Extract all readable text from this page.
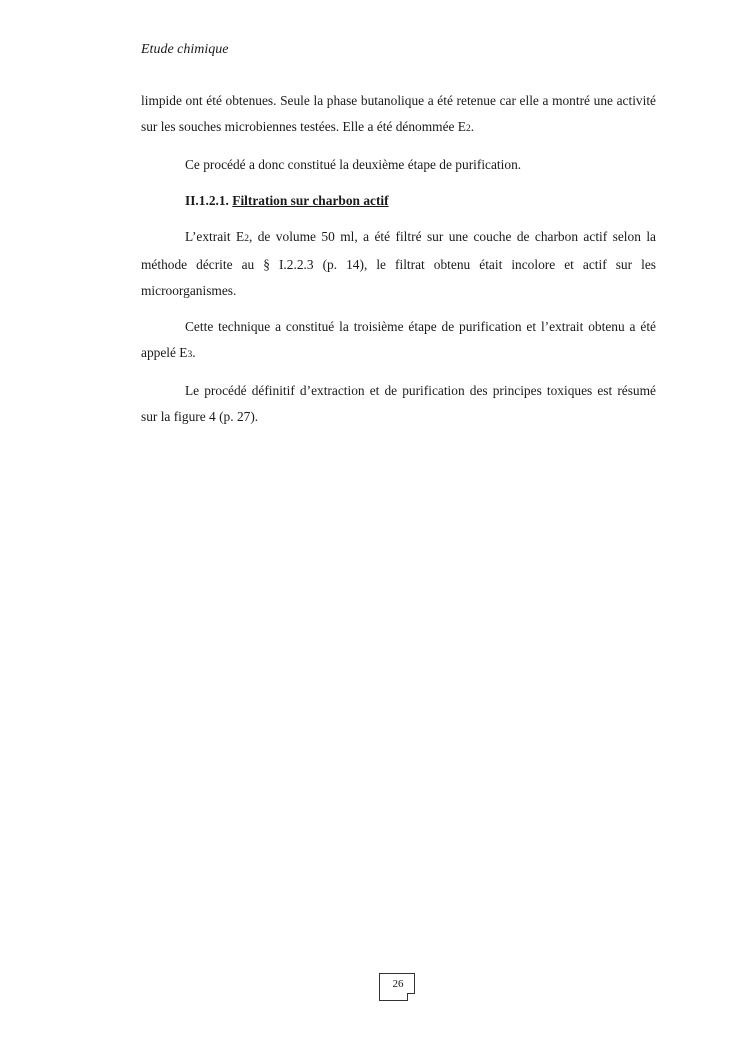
Etude chimique

limpide ont été obtenues. Seule la phase butanolique a été retenue car elle a montré une activité sur les souches microbiennes testées. Elle a été dénommée E2.

Ce procédé a donc constitué la deuxième étape de purification.

II.1.2.1. Filtration sur charbon actif

L’extrait E2, de volume 50 ml, a été filtré sur une couche de charbon actif selon la méthode décrite au § I.2.2.3 (p. 14), le filtrat obtenu était incolore et actif sur les microorganismes.

Cette technique a constitué la troisième étape de purification et l’extrait obtenu a été appelé E3.

Le procédé définitif d’extraction et de purification des principes toxiques est résumé sur la figure 4 (p. 27).

26
